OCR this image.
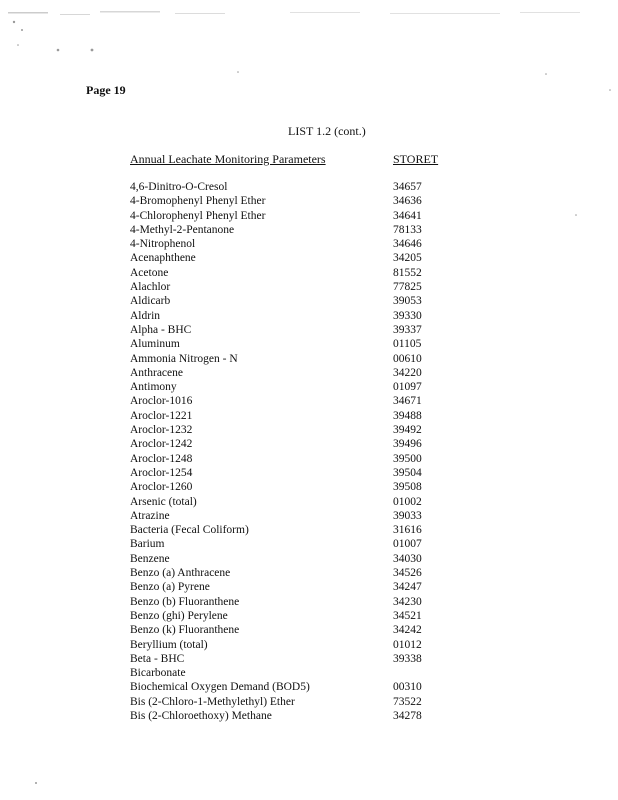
Page 19
LIST 1.2 (cont.)
Annual Leachate Monitoring Parameters	STORET
4,6-Dinitro-O-Cresol	34657
4-Bromophenyl Phenyl Ether	34636
4-Chlorophenyl Phenyl Ether	34641
4-Methyl-2-Pentanone	78133
4-Nitrophenol	34646
Acenaphthene	34205
Acetone	81552
Alachlor	77825
Aldicarb	39053
Aldrin	39330
Alpha - BHC	39337
Aluminum	01105
Ammonia Nitrogen - N	00610
Anthracene	34220
Antimony	01097
Aroclor-1016	34671
Aroclor-1221	39488
Aroclor-1232	39492
Aroclor-1242	39496
Aroclor-1248	39500
Aroclor-1254	39504
Aroclor-1260	39508
Arsenic (total)	01002
Atrazine	39033
Bacteria (Fecal Coliform)	31616
Barium	01007
Benzene	34030
Benzo (a) Anthracene	34526
Benzo (a) Pyrene	34247
Benzo (b) Fluoranthene	34230
Benzo (ghi) Perylene	34521
Benzo (k) Fluoranthene	34242
Beryllium (total)	01012
Beta - BHC	39338
Bicarbonate
Biochemical Oxygen Demand (BOD5)	00310
Bis (2-Chloro-1-Methylethyl) Ether	73522
Bis (2-Chloroethoxy) Methane	34278
